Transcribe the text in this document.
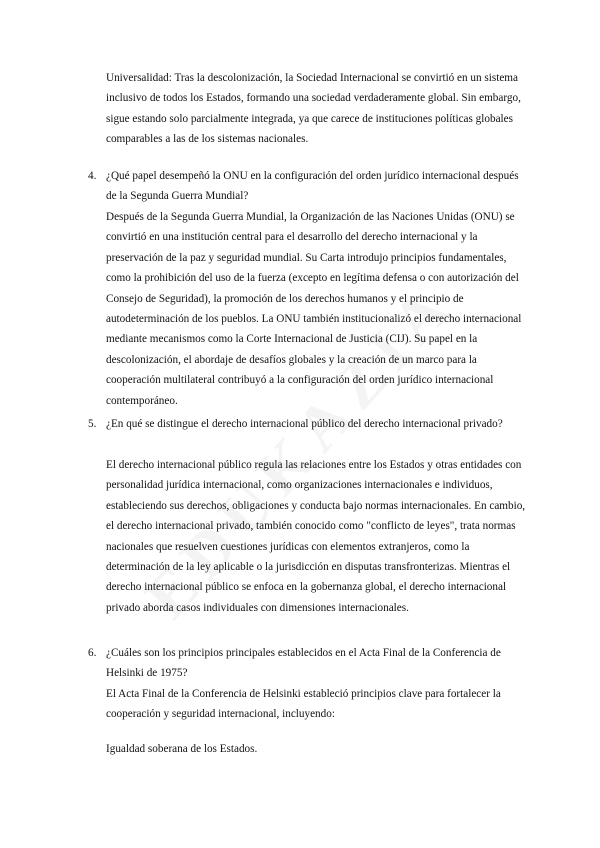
Universalidad: Tras la descolonización, la Sociedad Internacional se convirtió en un sistema inclusivo de todos los Estados, formando una sociedad verdaderamente global. Sin embargo, sigue estando solo parcialmente integrada, ya que carece de instituciones políticas globales comparables a las de los sistemas nacionales.

4. ¿Qué papel desempeñó la ONU en la configuración del orden jurídico internacional después de la Segunda Guerra Mundial?

Después de la Segunda Guerra Mundial, la Organización de las Naciones Unidas (ONU) se convirtió en una institución central para el desarrollo del derecho internacional y la preservación de la paz y seguridad mundial. Su Carta introdujo principios fundamentales, como la prohibición del uso de la fuerza (excepto en legítima defensa o con autorización del Consejo de Seguridad), la promoción de los derechos humanos y el principio de autodeterminación de los pueblos. La ONU también institucionalizó el derecho internacional mediante mecanismos como la Corte Internacional de Justicia (CIJ). Su papel en la descolonización, el abordaje de desafíos globales y la creación de un marco para la cooperación multilateral contribuyó a la configuración del orden jurídico internacional contemporáneo.

5. ¿En qué se distingue el derecho internacional público del derecho internacional privado?

El derecho internacional público regula las relaciones entre los Estados y otras entidades con personalidad jurídica internacional, como organizaciones internacionales e individuos, estableciendo sus derechos, obligaciones y conducta bajo normas internacionales. En cambio, el derecho internacional privado, también conocido como "conflicto de leyes", trata normas nacionales que resuelven cuestiones jurídicas con elementos extranjeros, como la determinación de la ley aplicable o la jurisdicción en disputas transfronterizas. Mientras el derecho internacional público se enfoca en la gobernanza global, el derecho internacional privado aborda casos individuales con dimensiones internacionales.

6. ¿Cuáles son los principios principales establecidos en el Acta Final de la Conferencia de Helsinki de 1975?

El Acta Final de la Conferencia de Helsinki estableció principios clave para fortalecer la cooperación y seguridad internacional, incluyendo:

Igualdad soberana de los Estados.
